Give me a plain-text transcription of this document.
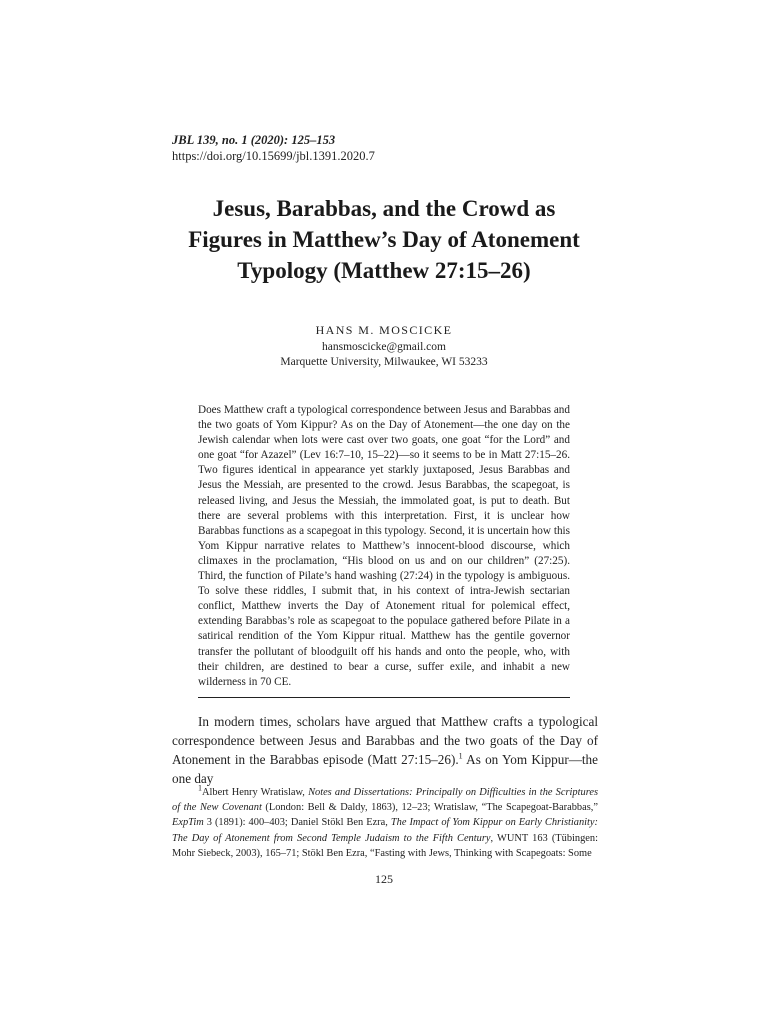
JBL 139, no. 1 (2020): 125–153
https://doi.org/10.15699/jbl.1391.2020.7
Jesus, Barabbas, and the Crowd as
Figures in Matthew’s Day of Atonement
Typology (Matthew 27:15–26)
HANS M. MOSCICKE
hansmoscicke@gmail.com
Marquette University, Milwaukee, WI 53233

Does Matthew craft a typological correspondence between Jesus and Barabbas and the two goats of Yom Kippur? As on the Day of Atonement—the one day on the Jewish calendar when lots were cast over two goats, one goat “for the Lord” and one goat “for Azazel” (Lev 16:7–10, 15–22)—so it seems to be in Matt 27:15–26. Two figures identical in appearance yet starkly juxtaposed, Jesus Barabbas and Jesus the Messiah, are presented to the crowd. Jesus Barabbas, the scapegoat, is released living, and Jesus the Messiah, the immolated goat, is put to death. But there are several problems with this interpretation. First, it is unclear how Barabbas functions as a scapegoat in this typology. Second, it is uncertain how this Yom Kippur narrative relates to Matthew’s innocent-blood discourse, which climaxes in the proclamation, “His blood on us and on our children” (27:25). Third, the function of Pilate’s hand washing (27:24) in the typology is ambiguous. To solve these riddles, I submit that, in his context of intra-Jewish sectarian conflict, Matthew inverts the Day of Atonement ritual for polemical effect, extending Barabbas’s role as scapegoat to the populace gathered before Pilate in a satirical rendition of the Yom Kippur ritual. Matthew has the gentile governor transfer the pollutant of bloodguilt off his hands and onto the people, who, with their children, are destined to bear a curse, suffer exile, and inhabit a new wilderness in 70 CE.

In modern times, scholars have argued that Matthew crafts a typological correspondence between Jesus and Barabbas and the two goats of the Day of Atonement in the Barabbas episode (Matt 27:15–26).$^1$ As on Yom Kippur—the one day

$^1$Albert Henry Wratislaw, Notes and Dissertations: Principally on Difficulties in the Scriptures of the New Covenant (London: Bell & Daldy, 1863), 12–23; Wratislaw, “The Scapegoat-Barabbas,” ExpTim 3 (1891): 400–403; Daniel Stökl Ben Ezra, The Impact of Yom Kippur on Early Christianity: The Day of Atonement from Second Temple Judaism to the Fifth Century, WUNT 163 (Tübingen: Mohr Siebeck, 2003), 165–71; Stökl Ben Ezra, “Fasting with Jews, Thinking with Scapegoats: Some

125
